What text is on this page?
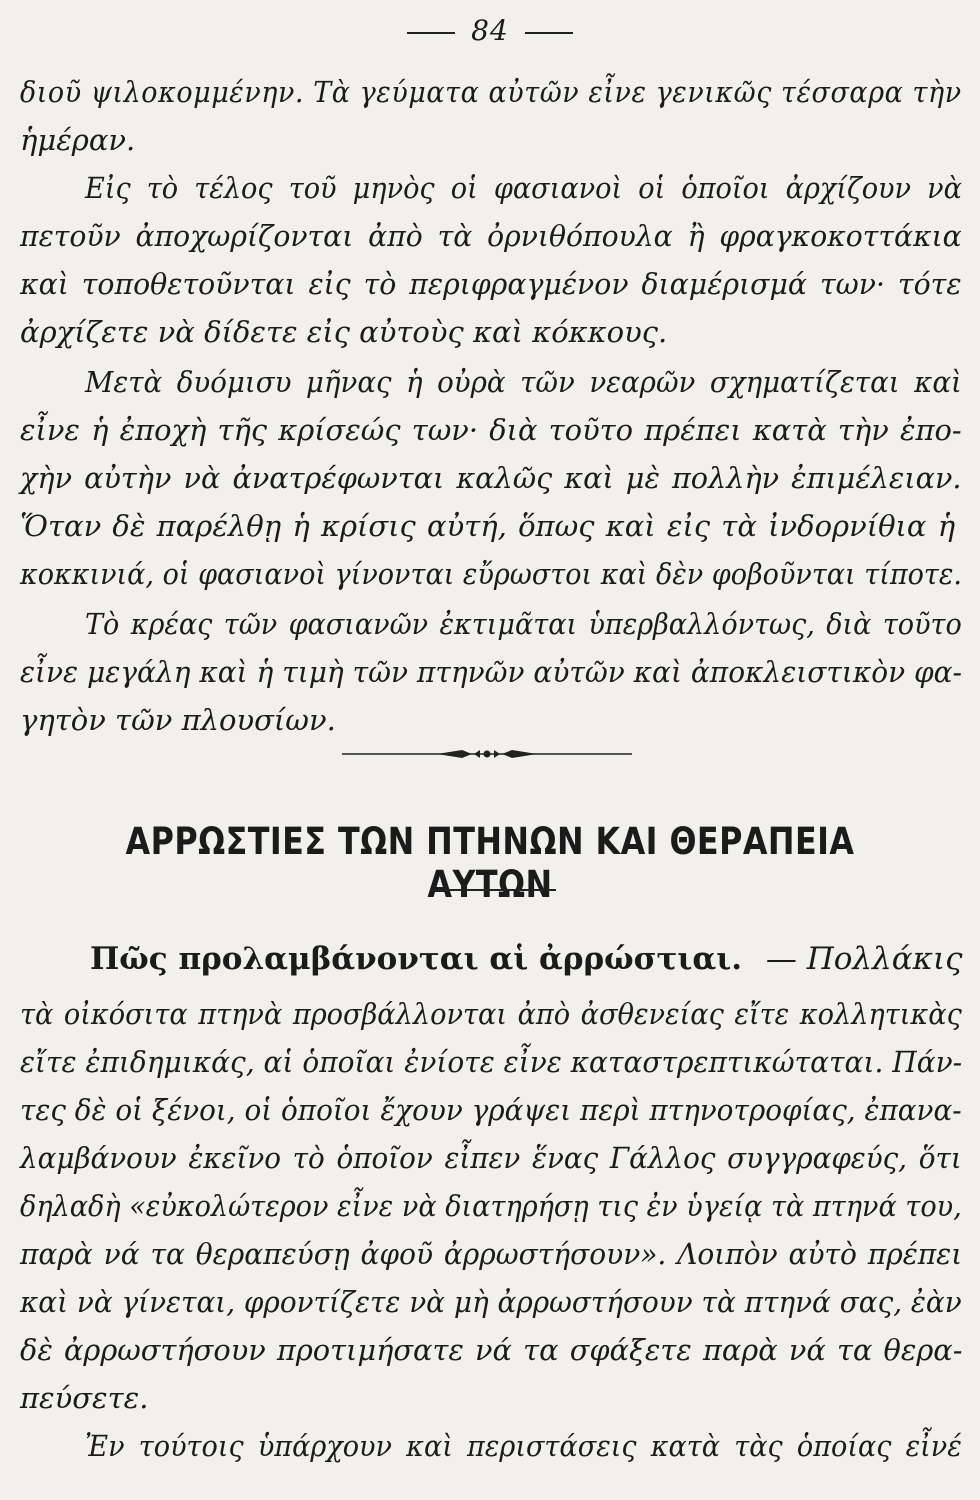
84
διοῦ ψιλοκομμένην. Τὰ γεύματα αὐτῶν εἶνε γενικῶς τέσσαρα τὴν
ἡμέραν.
Εἰς τὸ τέλος τοῦ μηνὸς οἱ φασιανοὶ οἱ ὁποῖοι ἀρχίζουν νὰ
πετοῦν ἀποχωρίζονται ἀπὸ τὰ ὀρνιθόπουλα ἢ φραγκοκοττάκια
καὶ τοποθετοῦνται εἰς τὸ περιφραγμένον διαμέρισμά των· τότε
ἀρχίζετε νὰ δίδετε εἰς αὐτοὺς καὶ κόκκους.
Μετὰ δυόμισυ μῆνας ἡ οὐρὰ τῶν νεαρῶν σχηματίζεται καὶ
εἶνε ἡ ἐποχὴ τῆς κρίσεώς των· διὰ τοῦτο πρέπει κατὰ τὴν ἐπο-
χὴν αὐτὴν νὰ ἀνατρέφωνται καλῶς καὶ μὲ πολλὴν ἐπιμέλειαν.
Ὅταν δὲ παρέλθῃ ἡ κρίσις αὐτή, ὅπως καὶ εἰς τὰ ἰνδορνίθια ἡ
κοκκινιά, οἱ φασιανοὶ γίνονται εὔρωστοι καὶ δὲν φοβοῦνται τίποτε.
Τὸ κρέας τῶν φασιανῶν ἐκτιμᾶται ὑπερβαλλόντως, διὰ τοῦτο
εἶνε μεγάλη καὶ ἡ τιμὴ τῶν πτηνῶν αὐτῶν καὶ ἀποκλειστικὸν φα-
γητὸν τῶν πλουσίων.
ΑΡΡΩΣΤΙΕΣ ΤΩΝ ΠΤΗΝΩΝ ΚΑΙ ΘΕΡΑΠΕΙΑ ΑΥΤΩΝ
Πῶς προλαμβάνονται αἱ ἀρρώστιαι. — Πολλάκις
τὰ οἰκόσιτα πτηνὰ προσβάλλονται ἀπὸ ἀσθενείας εἴτε κολλητικὰς
εἴτε ἐπιδημικάς, αἱ ὁποῖαι ἐνίοτε εἶνε καταστρεπτικώταται. Πάν-
τες δὲ οἱ ξένοι, οἱ ὁποῖοι ἔχουν γράψει περὶ πτηνοτροφίας, ἐπανα-
λαμβάνουν ἐκεῖνο τὸ ὁποῖον εἶπεν ἕνας Γάλλος συγγραφεύς, ὅτι
δηλαδὴ «εὐκολώτερον εἶνε νὰ διατηρήσῃ τις ἐν ὑγείᾳ τὰ πτηνά του,
παρὰ νά τα θεραπεύσῃ ἀφοῦ ἀρρωστήσουν». Λοιπὸν αὐτὸ πρέπει
καὶ νὰ γίνεται, φροντίζετε νὰ μὴ ἀρρωστήσουν τὰ πτηνά σας, ἐὰν
δὲ ἀρρωστήσουν προτιμήσατε νά τα σφάξετε παρὰ νά τα θερα-
πεύσετε.
Ἐν τούτοις ὑπάρχουν καὶ περιστάσεις κατὰ τὰς ὁποίας εἶνέ
